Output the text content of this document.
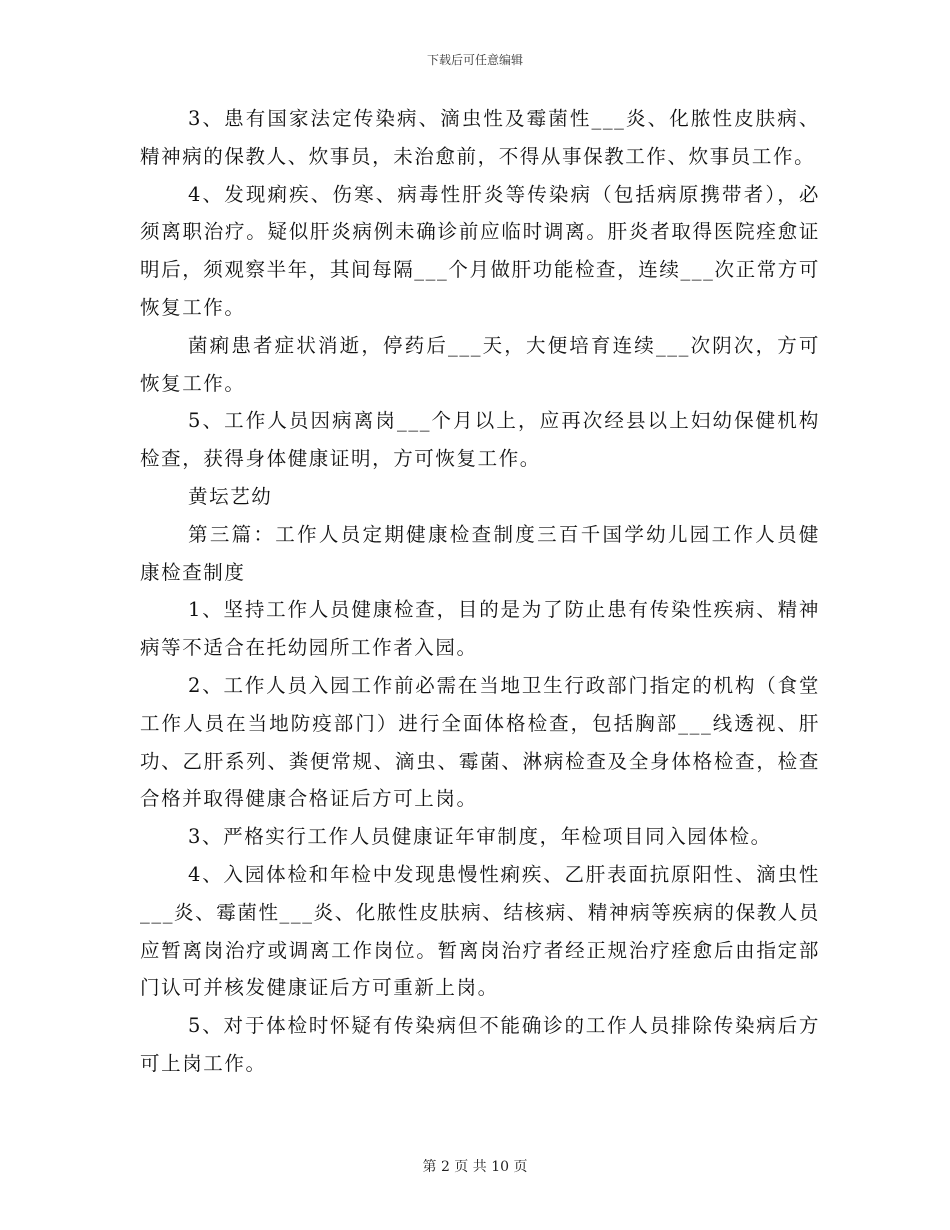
下载后可任意编辑

3、患有国家法定传染病、滴虫性及霉菌性___炎、化脓性皮肤病、精神病的保教人、炊事员，未治愈前，不得从事保教工作、炊事员工作。

4、发现痢疾、伤寒、病毒性肝炎等传染病（包括病原携带者），必须离职治疗。疑似肝炎病例未确诊前应临时调离。肝炎者取得医院痊愈证明后，须观察半年，其间每隔___个月做肝功能检查，连续___次正常方可恢复工作。

菌痢患者症状消逝，停药后___天，大便培育连续___次阴次，方可恢复工作。

5、工作人员因病离岗___个月以上，应再次经县以上妇幼保健机构检查，获得身体健康证明，方可恢复工作。

黄坛艺幼

第三篇：工作人员定期健康检查制度三百千国学幼儿园工作人员健康检查制度

1、坚持工作人员健康检查，目的是为了防止患有传染性疾病、精神病等不适合在托幼园所工作者入园。

2、工作人员入园工作前必需在当地卫生行政部门指定的机构（食堂工作人员在当地防疫部门）进行全面体格检查，包括胸部___线透视、肝功、乙肝系列、粪便常规、滴虫、霉菌、淋病检查及全身体格检查，检查合格并取得健康合格证后方可上岗。

3、严格实行工作人员健康证年审制度，年检项目同入园体检。

4、入园体检和年检中发现患慢性痢疾、乙肝表面抗原阳性、滴虫性___炎、霉菌性___炎、化脓性皮肤病、结核病、精神病等疾病的保教人员应暂离岗治疗或调离工作岗位。暂离岗治疗者经正规治疗痊愈后由指定部门认可并核发健康证后方可重新上岗。

5、对于体检时怀疑有传染病但不能确诊的工作人员排除传染病后方可上岗工作。

第 2 页 共 10 页
